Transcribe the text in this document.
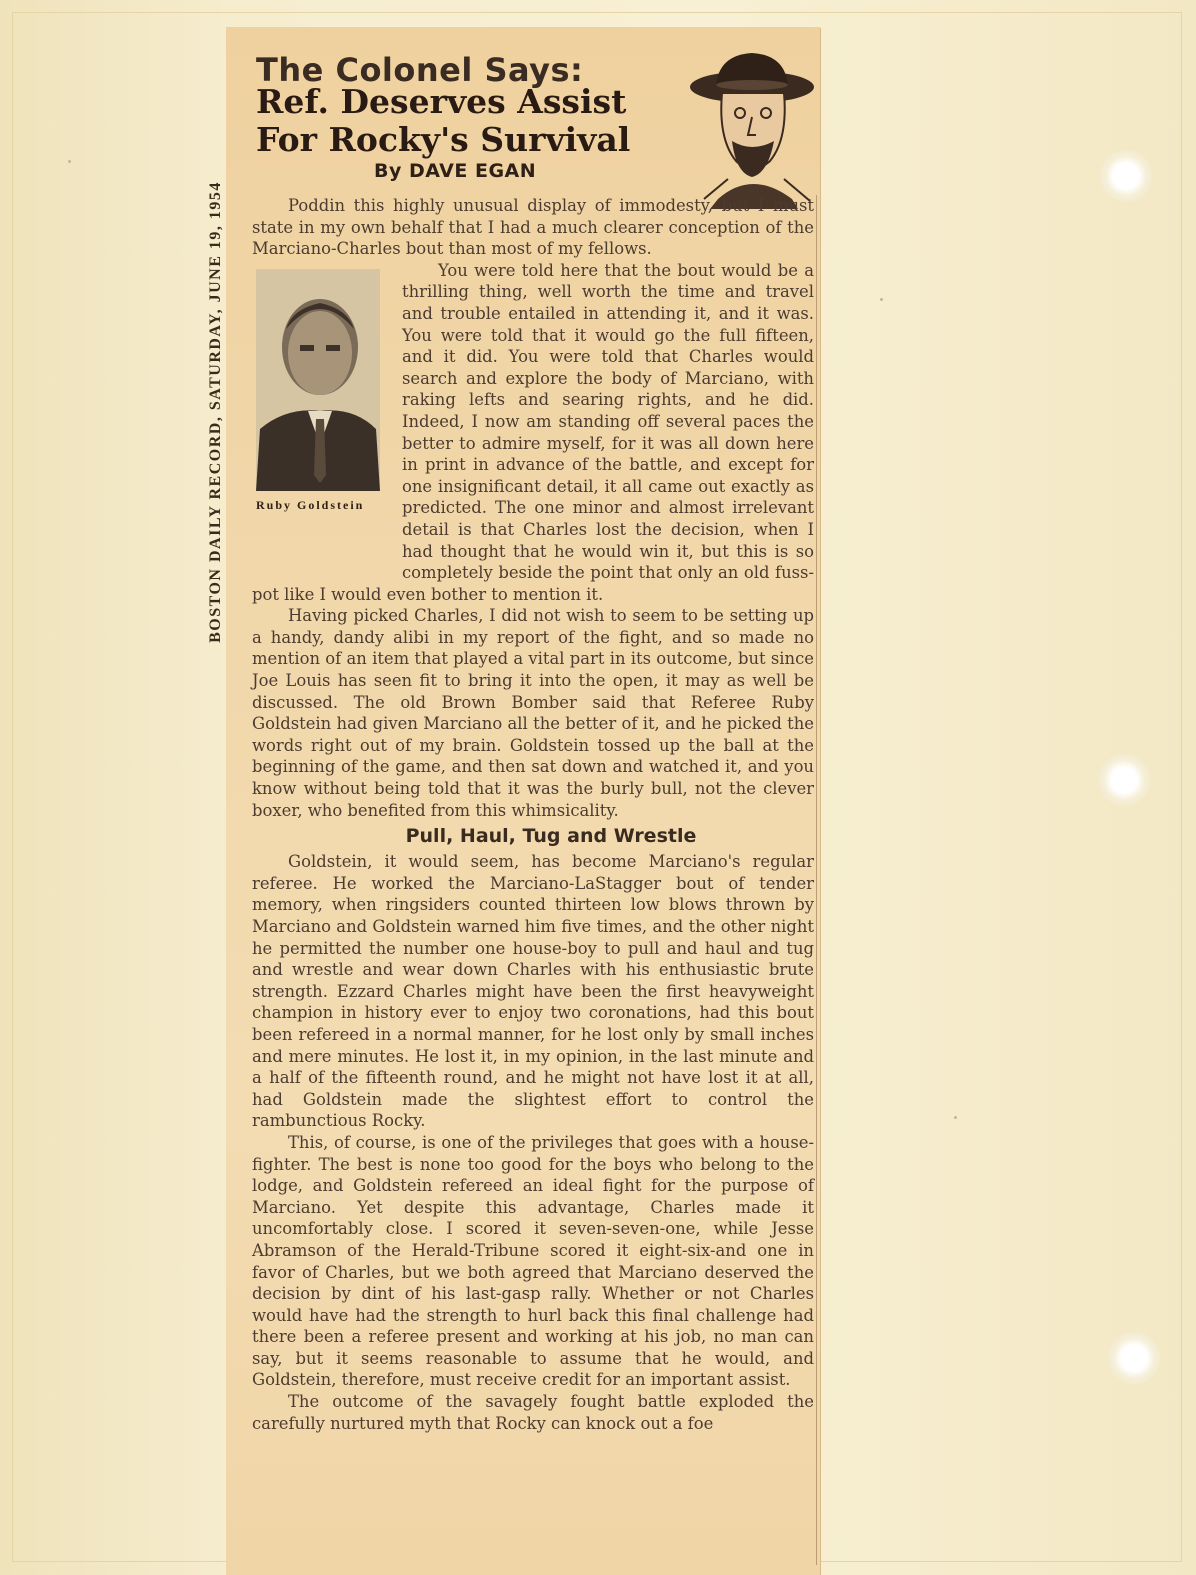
BOSTON DAILY RECORD, SATURDAY, JUNE 19, 1954
The Colonel Says:
Ref. Deserves Assist
For Rocky's Survival
By DAVE EGAN
Ruby Goldstein

Poddin this highly unusual display of immodesty, but I must state in my own behalf that I had a much clearer conception of the Marciano-Charles bout than most of my fellows.

You were told here that the bout would be a thrilling thing, well worth the time and travel and trouble entailed in attending it, and it was. You were told that it would go the full fifteen, and it did. You were told that Charles would search and explore the body of Marciano, with raking lefts and searing rights, and he did. Indeed, I now am standing off several paces the better to admire myself, for it was all down here in print in advance of the battle, and except for one insignificant detail, it all came out exactly as predicted. The one minor and almost irrelevant detail is that Charles lost the decision, when I had thought that he would win it, but this is so completely beside the point that only an old fuss-pot like I would even bother to mention it.

Having picked Charles, I did not wish to seem to be setting up a handy, dandy alibi in my report of the fight, and so made no mention of an item that played a vital part in its outcome, but since Joe Louis has seen fit to bring it into the open, it may as well be discussed. The old Brown Bomber said that Referee Ruby Goldstein had given Marciano all the better of it, and he picked the words right out of my brain. Goldstein tossed up the ball at the beginning of the game, and then sat down and watched it, and you know without being told that it was the burly bull, not the clever boxer, who benefited from this whimsicality.

Pull, Haul, Tug and Wrestle

Goldstein, it would seem, has become Marciano's regular referee. He worked the Marciano-LaStagger bout of tender memory, when ringsiders counted thirteen low blows thrown by Marciano and Goldstein warned him five times, and the other night he permitted the number one house-boy to pull and haul and tug and wrestle and wear down Charles with his enthusiastic brute strength. Ezzard Charles might have been the first heavyweight champion in history ever to enjoy two coronations, had this bout been refereed in a normal manner, for he lost only by small inches and mere minutes. He lost it, in my opinion, in the last minute and a half of the fifteenth round, and he might not have lost it at all, had Goldstein made the slightest effort to control the rambunctious Rocky.

This, of course, is one of the privileges that goes with a house-fighter. The best is none too good for the boys who belong to the lodge, and Goldstein refereed an ideal fight for the purpose of Marciano. Yet despite this advantage, Charles made it uncomfortably close. I scored it seven-seven-one, while Jesse Abramson of the Herald-Tribune scored it eight-six-and one in favor of Charles, but we both agreed that Marciano deserved the decision by dint of his last-gasp rally. Whether or not Charles would have had the strength to hurl back this final challenge had there been a referee present and working at his job, no man can say, but it seems reasonable to assume that he would, and Goldstein, therefore, must receive credit for an important assist.

The outcome of the savagely fought battle exploded the carefully nurtured myth that Rocky can knock out a foe
